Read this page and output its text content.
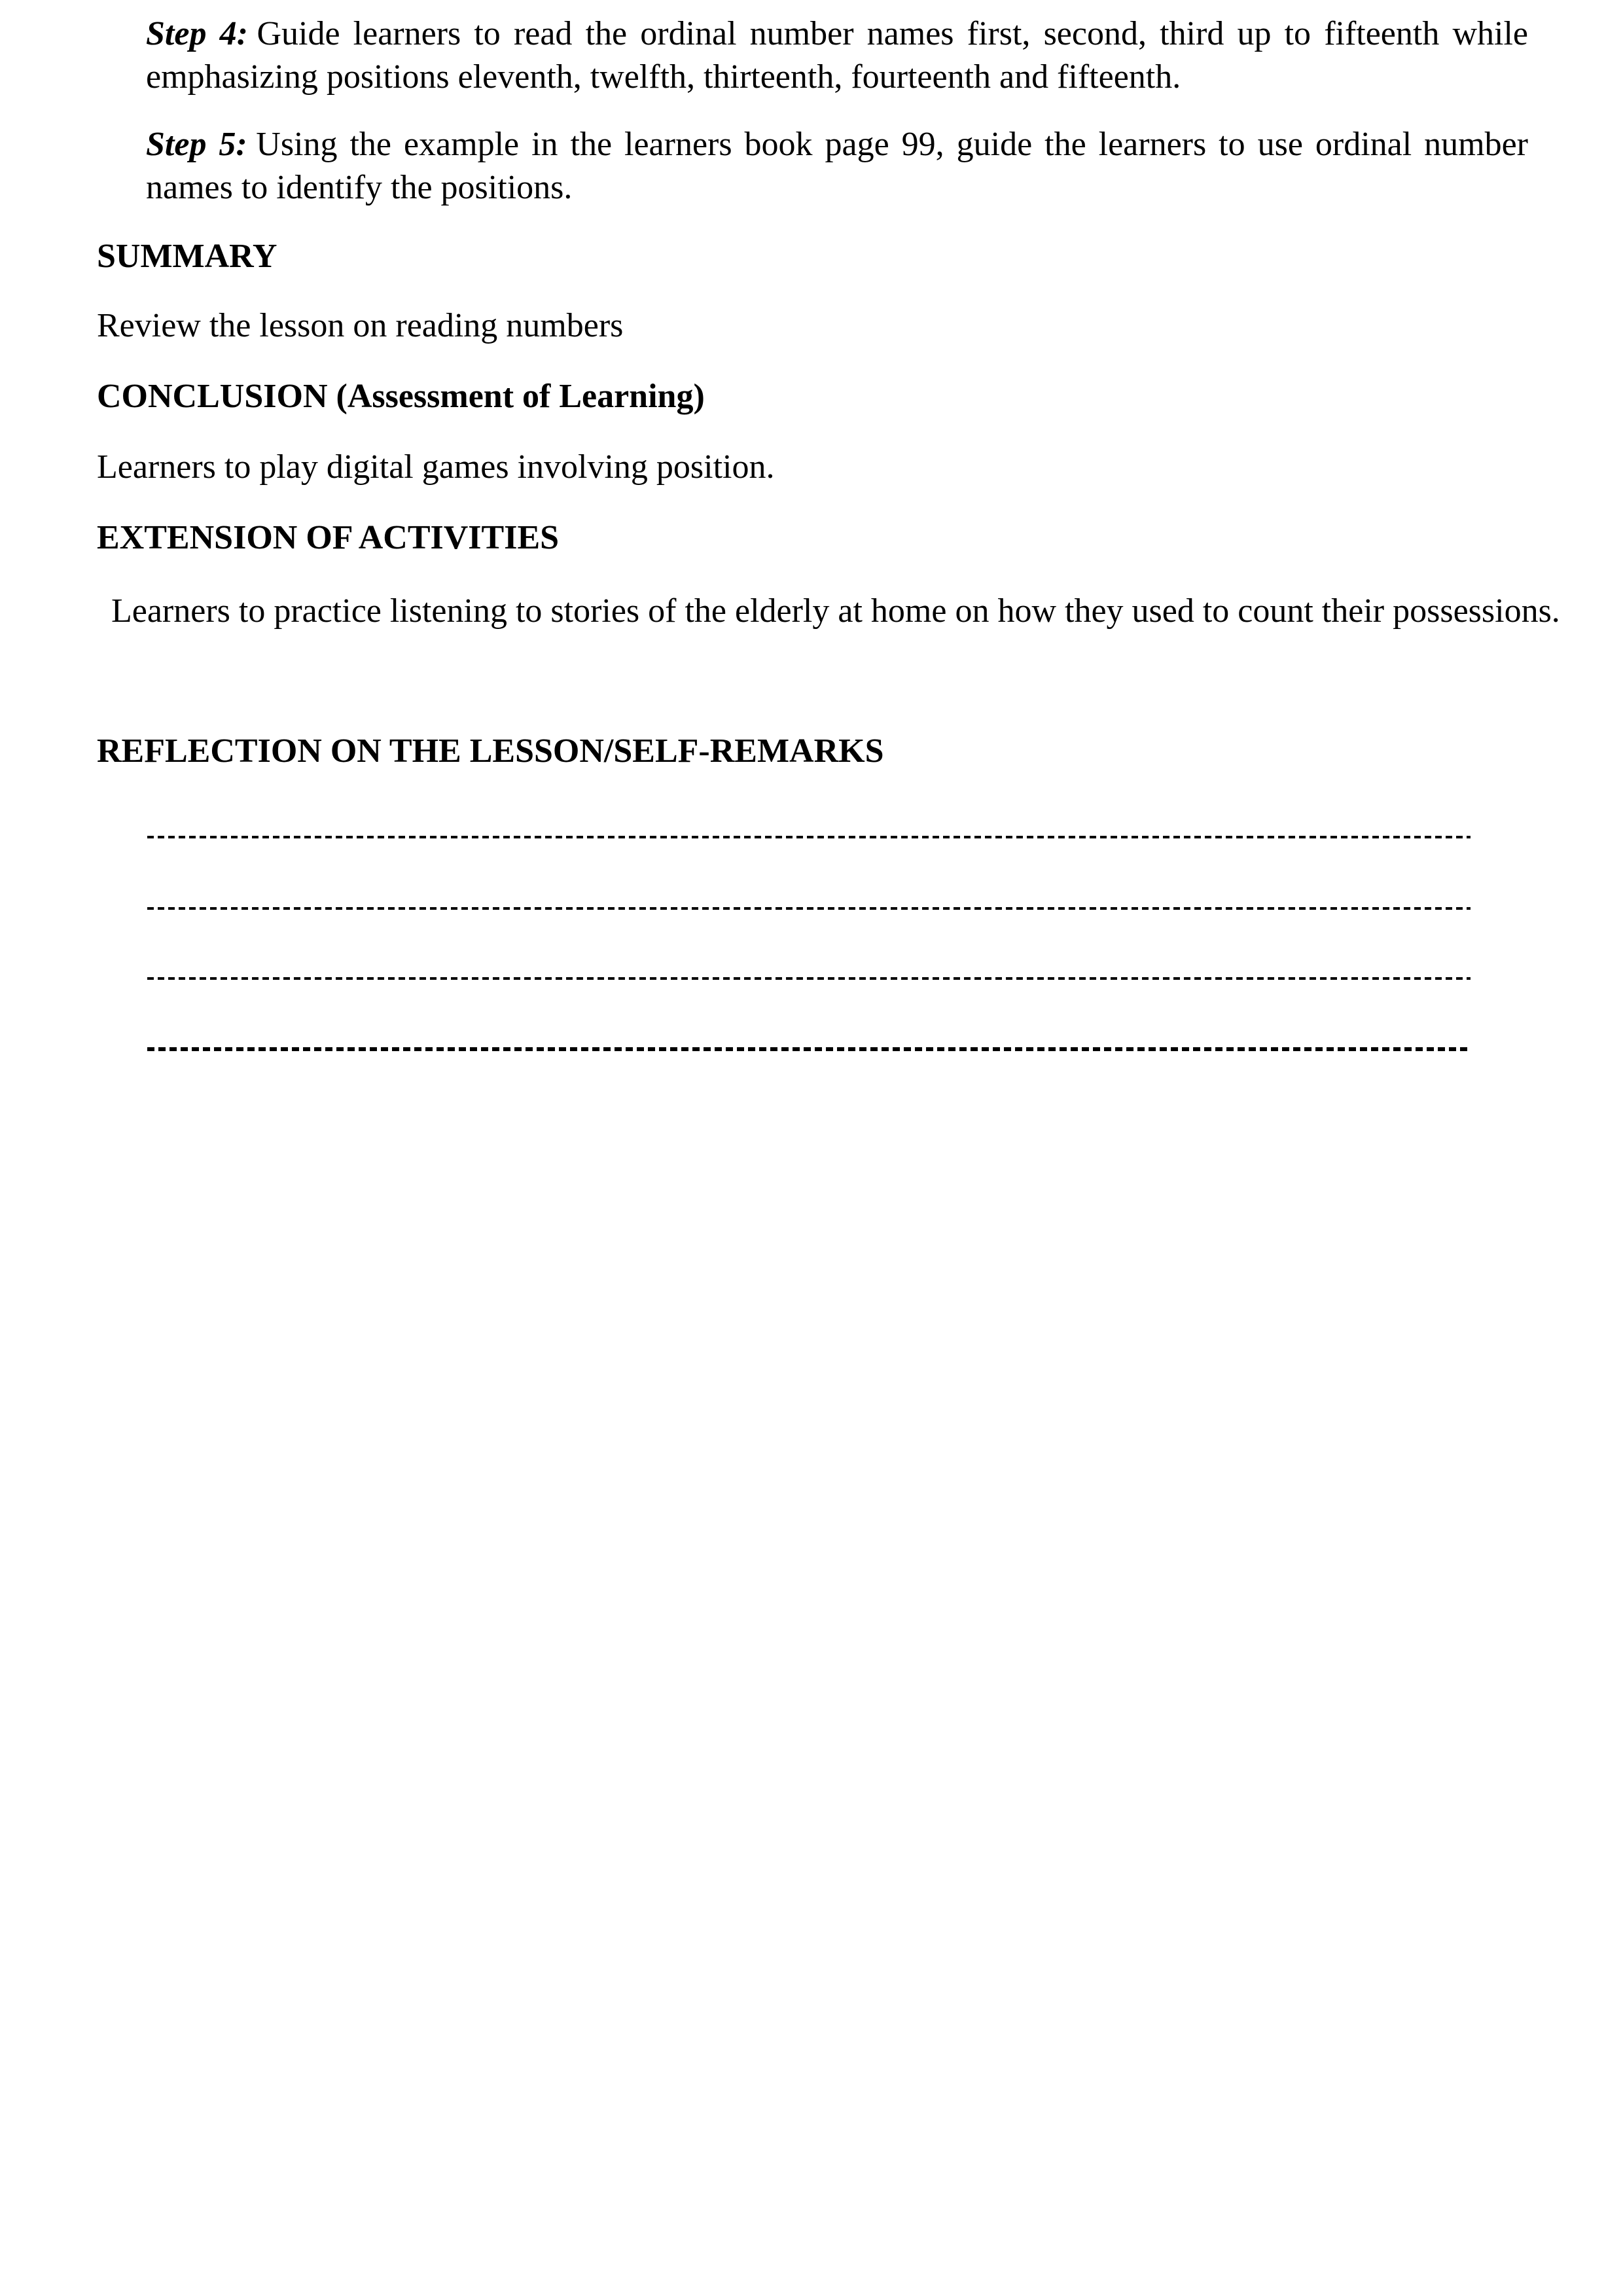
Step 4: Guide learners to read the ordinal number names first, second, third up to fifteenth while emphasizing positions eleventh, twelfth, thirteenth, fourteenth and fifteenth.

Step 5: Using the example in the learners book page 99, guide the learners to use ordinal number names to identify the positions.

SUMMARY

Review the lesson on reading numbers

CONCLUSION (Assessment of Learning)

Learners to play digital games involving position.

EXTENSION OF ACTIVITIES

Learners to practice listening to stories of the elderly at home on how they used to count their possessions.

REFLECTION ON THE LESSON/SELF-REMARKS
